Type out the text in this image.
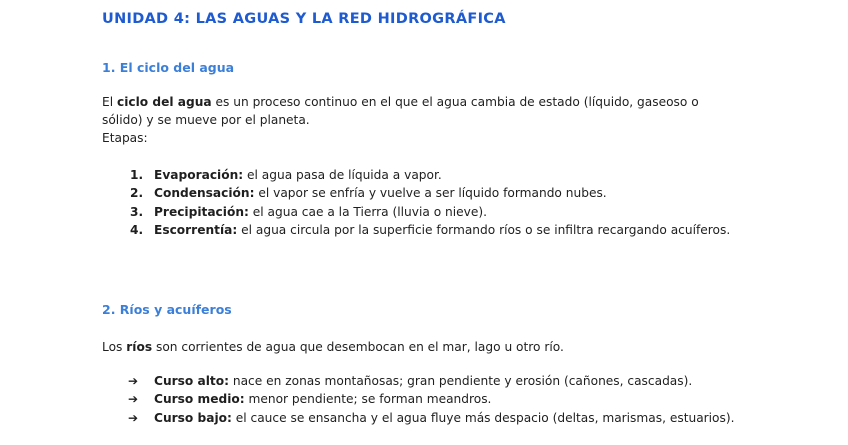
UNIDAD 4: LAS AGUAS Y LA RED HIDROGRÁFICA
1. El ciclo del agua

El ciclo del agua es un proceso continuo en el que el agua cambia de estado (líquido, gaseoso o
sólido) y se mueve por el planeta.
Etapas:

1. Evaporación: el agua pasa de líquida a vapor.
2. Condensación: el vapor se enfría y vuelve a ser líquido formando nubes.
3. Precipitación: el agua cae a la Tierra (lluvia o nieve).
4. Escorrentía: el agua circula por la superficie formando ríos o se infiltra recargando acuíferos.
2. Ríos y acuíferos

Los ríos son corrientes de agua que desembocan en el mar, lago u otro río.

➔ Curso alto: nace en zonas montañosas; gran pendiente y erosión (cañones, cascadas).
➔ Curso medio: menor pendiente; se forman meandros.
➔ Curso bajo: el cauce se ensancha y el agua fluye más despacio (deltas, marismas, estuarios).
